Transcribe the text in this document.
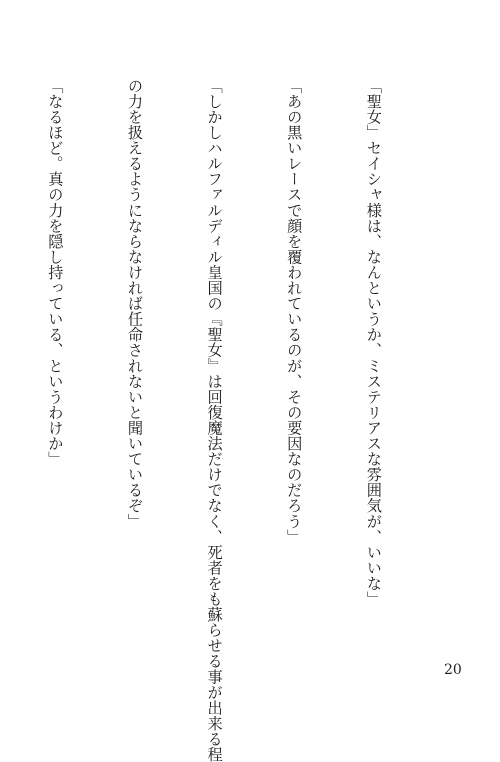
「聖女」セイシャ様は、なんというか、ミステリアスな雰囲気が、いいな」

「あの黒いレースで顔を覆われているのが、その要因なのだろう」

「しかしハルファルディル皇国の『聖女』は回復魔法だけでなく、死者をも蘇らせる事が出来る程

の力を扱えるようにならなければ任命されないと聞いているぞ」

「なるほど。真の力を隠し持っている、というわけか」

20
